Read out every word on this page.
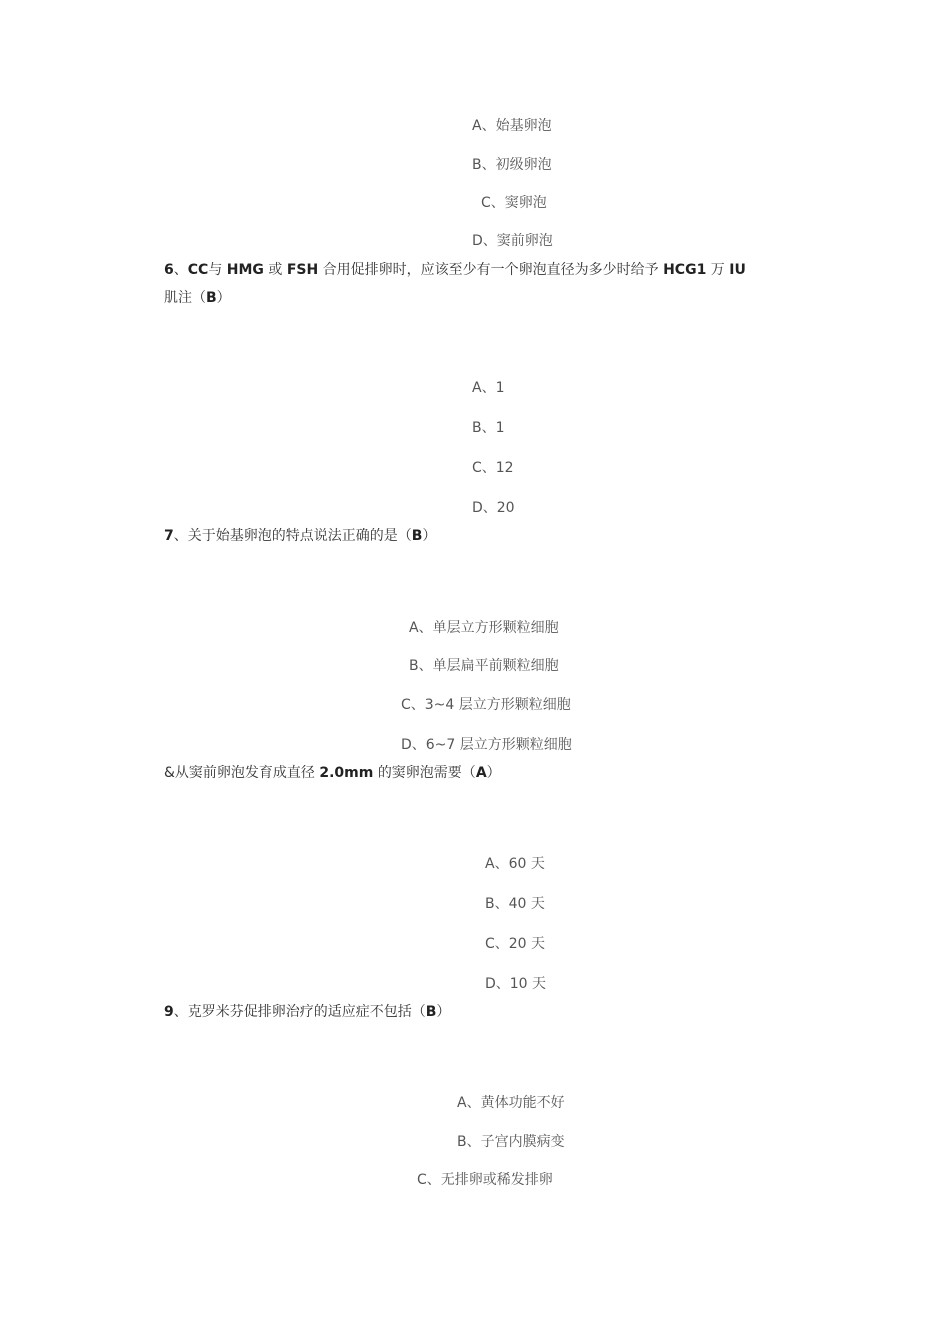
A、始基卵泡
B、初级卵泡
C、窦卵泡
D、窦前卵泡
6、CC与 HMG 或 FSH 合用促排卵时，应该至少有一个卵泡直径为多少时给予 HCG1 万 IU
肌注（B）
A、1
B、1
C、12
D、20
7、关于始基卵泡的特点说法正确的是（B）
A、单层立方形颗粒细胞
B、单层扁平前颗粒细胞
C、3~4 层立方形颗粒细胞
D、6~7 层立方形颗粒细胞
&从窦前卵泡发育成直径 2.0mm 的窦卵泡需要（A）
A、60 天
B、40 天
C、20 天
D、10 天
9、克罗米芬促排卵治疗的适应症不包括（B）
A、黄体功能不好
B、子宫内膜病变
C、无排卵或稀发排卵
